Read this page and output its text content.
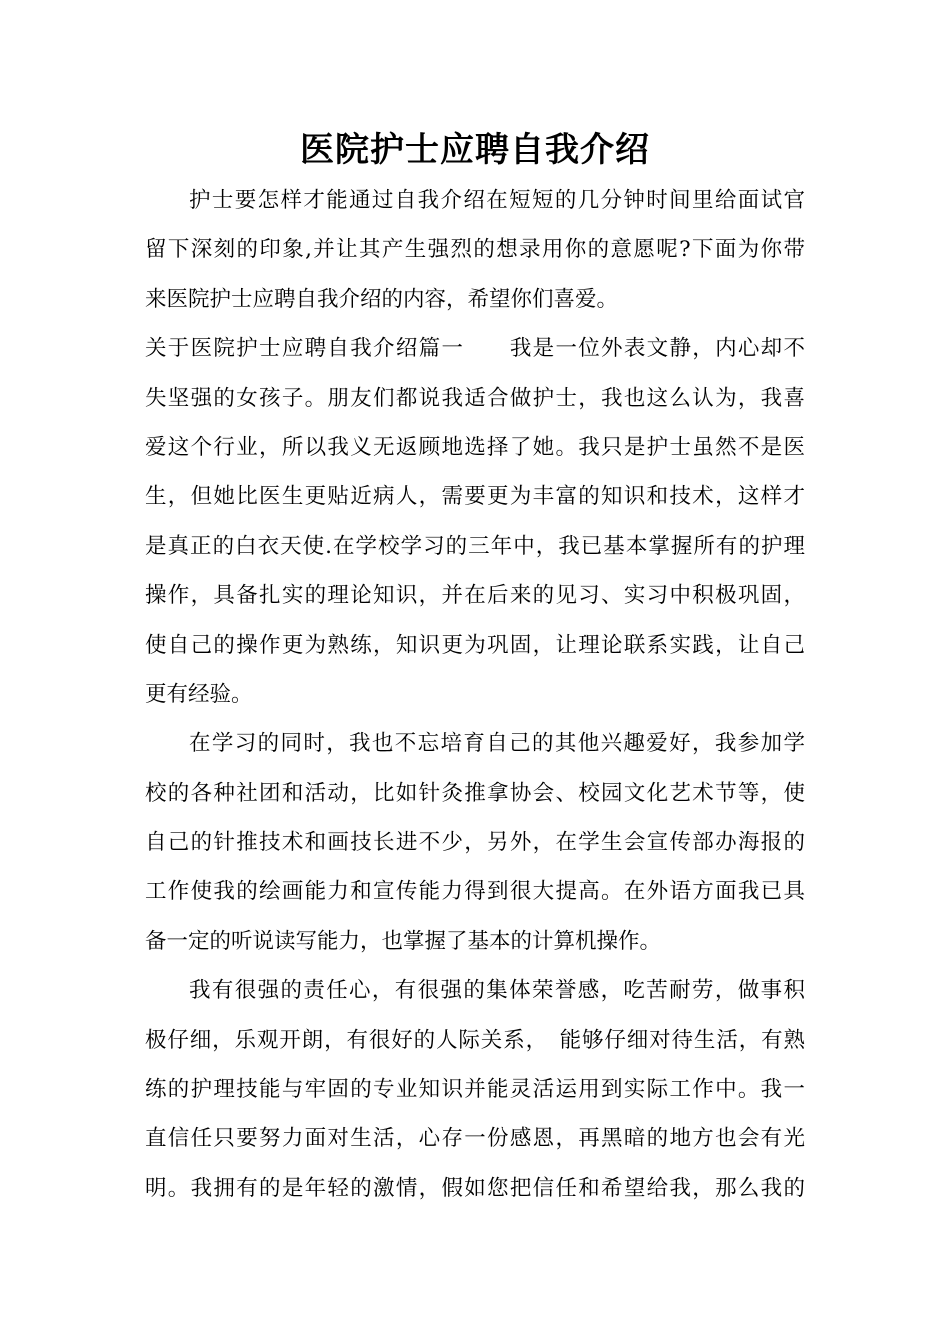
医院护士应聘自我介绍
护士要怎样才能通过自我介绍在短短的几分钟时间里给面试官
留下深刻的印象,并让其产生强烈的想录用你的意愿呢?下面为你带
来医院护士应聘自我介绍的内容，希望你们喜爱。
关于医院护士应聘自我介绍篇一　　我是一位外表文静，内心却不
失坚强的女孩子。朋友们都说我适合做护士，我也这么认为，我喜
爱这个行业，所以我义无返顾地选择了她。我只是护士虽然不是医
生，但她比医生更贴近病人，需要更为丰富的知识和技术，这样才
是真正的白衣天使.在学校学习的三年中，我已基本掌握所有的护理
操作，具备扎实的理论知识，并在后来的见习、实习中积极巩固，
使自己的操作更为熟练，知识更为巩固，让理论联系实践，让自己
更有经验。
在学习的同时，我也不忘培育自己的其他兴趣爱好，我参加学
校的各种社团和活动，比如针灸推拿协会、校园文化艺术节等，使
自己的针推技术和画技长进不少，另外，在学生会宣传部办海报的
工作使我的绘画能力和宣传能力得到很大提高。在外语方面我已具
备一定的听说读写能力，也掌握了基本的计算机操作。
我有很强的责任心，有很强的集体荣誉感，吃苦耐劳，做事积
极仔细，乐观开朗，有很好的人际关系，　能够仔细对待生活，有熟
练的护理技能与牢固的专业知识并能灵活运用到实际工作中。我一
直信任只要努力面对生活，心存一份感恩，再黑暗的地方也会有光
明。我拥有的是年轻的激情，假如您把信任和希望给我，那么我的
